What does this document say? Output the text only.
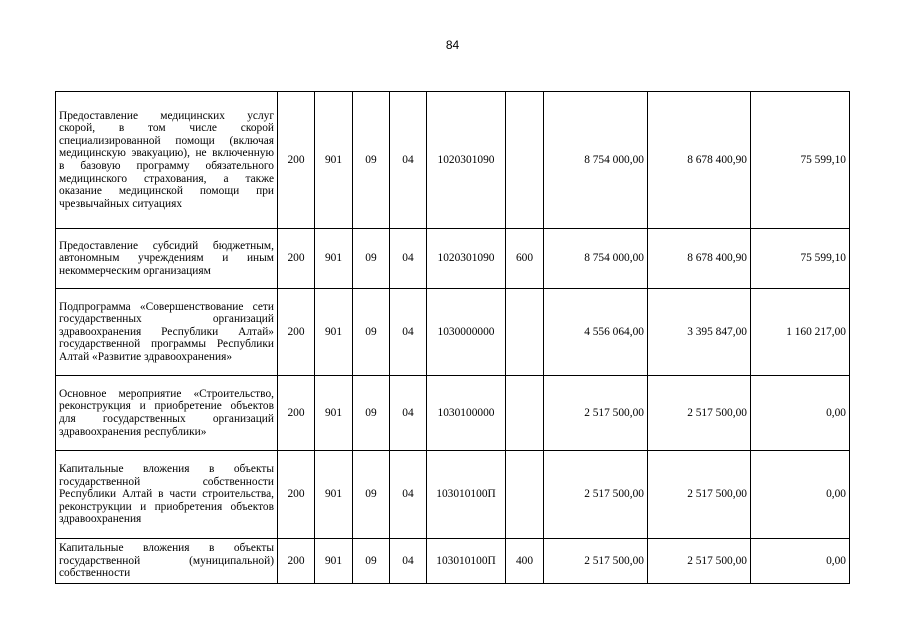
84
Предоставление медицинских услуг скорой, в том числе скорой специализированной помощи (включая медицинскую эвакуацию), не включенную в базовую программу обязательного медицинского страхования, а также оказание медицинской помощи при чрезвычайных ситуациях	200	901	09	04	1020301090		8 754 000,00	8 678 400,90	75 599,10
Предоставление субсидий бюджетным, автономным учреждениям и иным некоммерческим организациям	200	901	09	04	1020301090	600	8 754 000,00	8 678 400,90	75 599,10
Подпрограмма «Совершенствование сети государственных организаций здравоохранения Республики Алтай» государственной программы Республики Алтай «Развитие здравоохранения»	200	901	09	04	1030000000		4 556 064,00	3 395 847,00	1 160 217,00
Основное мероприятие «Строительство, реконструкция и приобретение объектов для государственных организаций здравоохранения республики»	200	901	09	04	1030100000		2 517 500,00	2 517 500,00	0,00
Капитальные вложения в объекты государственной собственности Республики Алтай в части строительства, реконструкции и приобретения объектов здравоохранения	200	901	09	04	103010100П		2 517 500,00	2 517 500,00	0,00
Капитальные вложения в объекты государственной (муниципальной) собственности	200	901	09	04	103010100П	400	2 517 500,00	2 517 500,00	0,00
